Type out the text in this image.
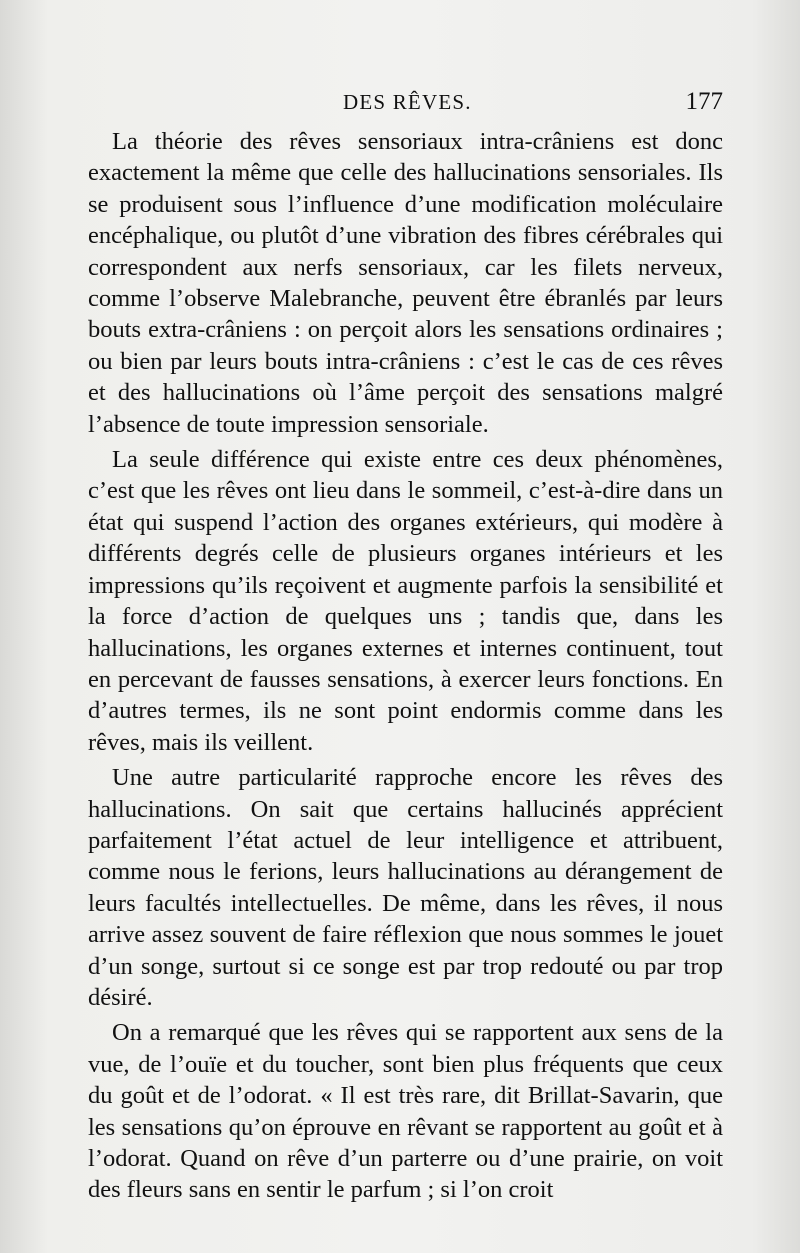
DES RÊVES.	177

La théorie des rêves sensoriaux intra-crâniens est donc exactement la même que celle des hallucinations sensoriales. Ils se produisent sous l’influence d’une modification moléculaire encéphalique, ou plutôt d’une vibration des fibres cérébrales qui correspondent aux nerfs sensoriaux, car les filets nerveux, comme l’observe Malebranche, peuvent être ébranlés par leurs bouts extra-crâniens : on perçoit alors les sensations ordinaires ; ou bien par leurs bouts intra-crâniens : c’est le cas de ces rêves et des hallucinations où l’âme perçoit des sensations malgré l’absence de toute impression sensoriale.

La seule différence qui existe entre ces deux phénomènes, c’est que les rêves ont lieu dans le sommeil, c’est-à-dire dans un état qui suspend l’action des organes extérieurs, qui modère à différents degrés celle de plusieurs organes intérieurs et les impressions qu’ils reçoivent et augmente parfois la sensibilité et la force d’action de quelques uns ; tandis que, dans les hallucinations, les organes externes et internes continuent, tout en percevant de fausses sensations, à exercer leurs fonctions. En d’autres termes, ils ne sont point endormis comme dans les rêves, mais ils veillent.

Une autre particularité rapproche encore les rêves des hallucinations. On sait que certains hallucinés apprécient parfaitement l’état actuel de leur intelligence et attribuent, comme nous le ferions, leurs hallucinations au dérangement de leurs facultés intellectuelles. De même, dans les rêves, il nous arrive assez souvent de faire réflexion que nous sommes le jouet d’un songe, surtout si ce songe est par trop redouté ou par trop désiré.

On a remarqué que les rêves qui se rapportent aux sens de la vue, de l’ouïe et du toucher, sont bien plus fréquents que ceux du goût et de l’odorat. « Il est très rare, dit Brillat-Savarin, que les sensations qu’on éprouve en rêvant se rapportent au goût et à l’odorat. Quand on rêve d’un parterre ou d’une prairie, on voit des fleurs sans en sentir le parfum ; si l’on croit
